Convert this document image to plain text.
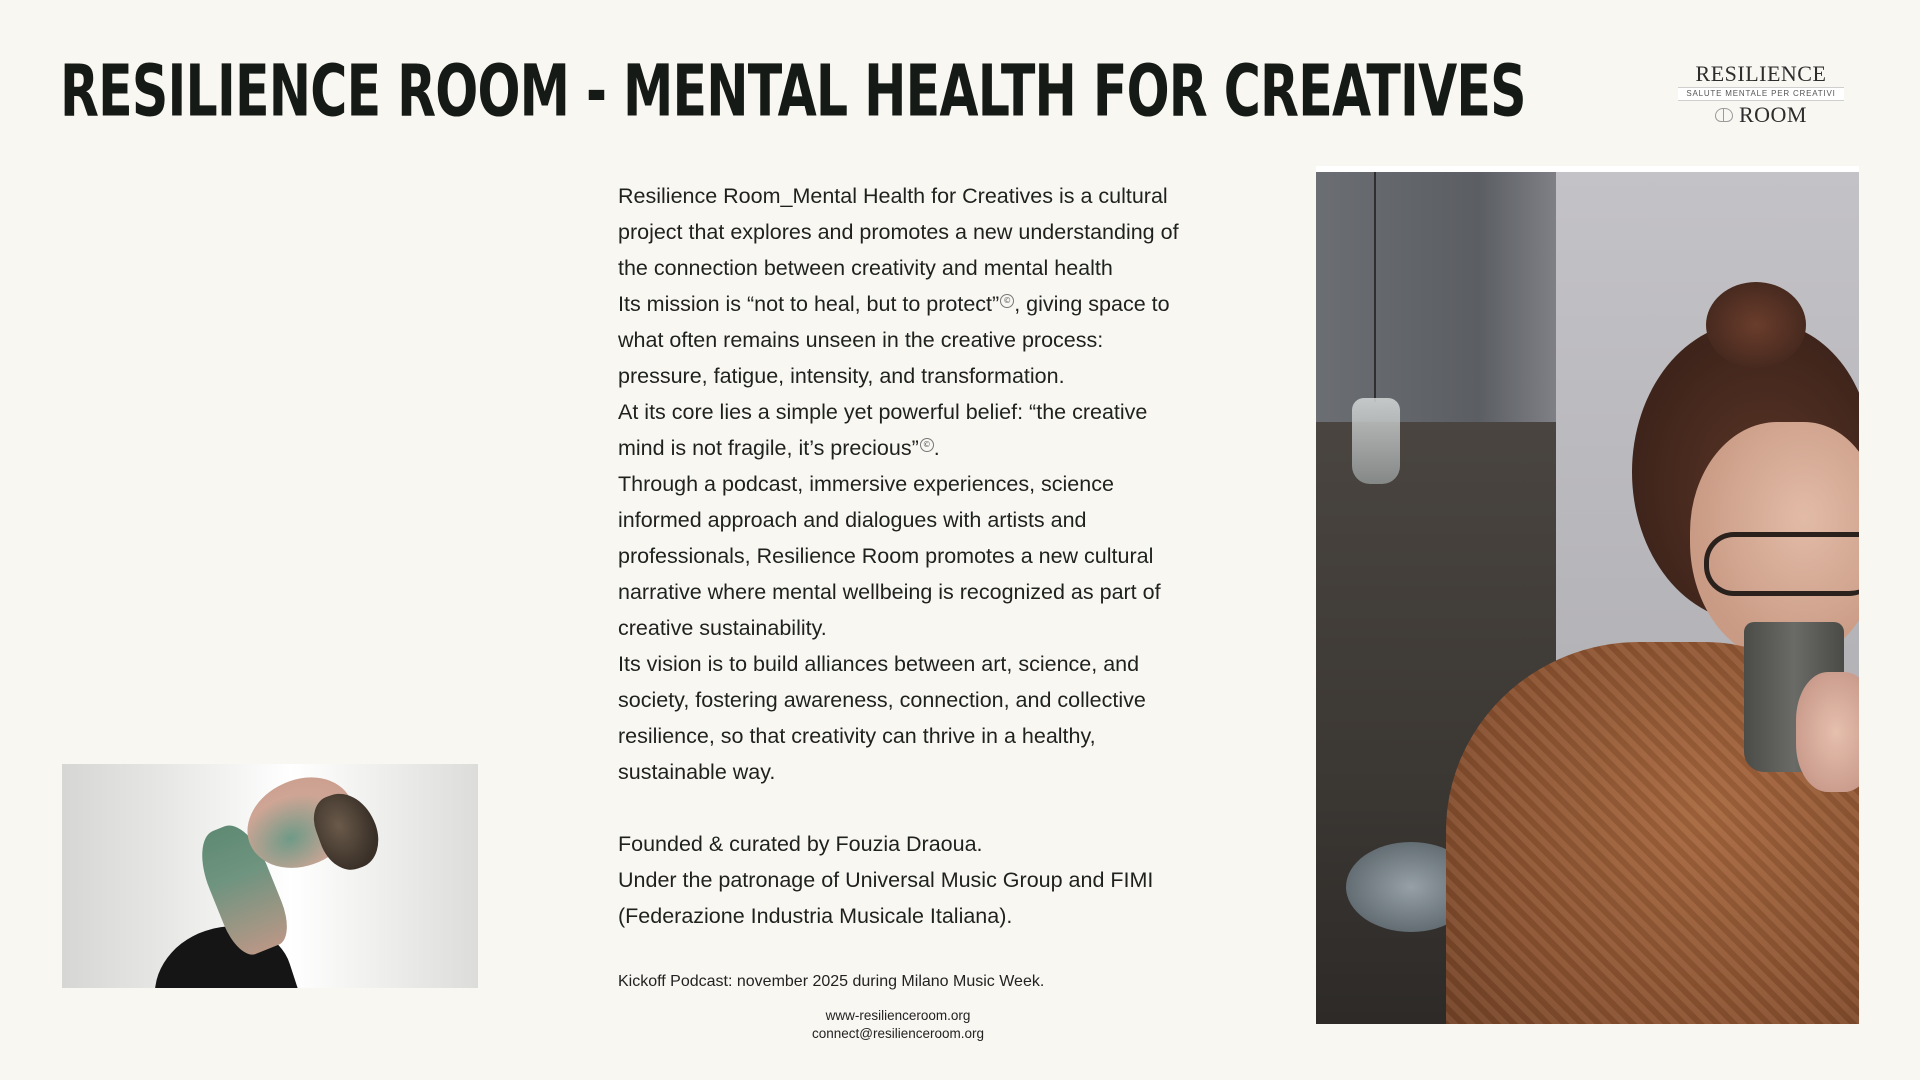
RESILIENCE ROOM - MENTAL HEALTH FOR CREATIVES	RESILIENCE
SALUTE MENTALE PER CREATIVI
ROOM

Resilience Room_Mental Health for Creatives is a cultural project that explores and promotes a new understanding of the connection between creativity and mental health

Its mission is “not to heal, but to protect” © , giving space to what often remains unseen in the creative process: pressure, fatigue, intensity, and transformation.

At its core lies a simple yet powerful belief: “the creative mind is not fragile, it’s precious” © .

Through a podcast, immersive experiences, science informed approach and dialogues with artists and professionals, Resilience Room promotes a new cultural narrative where mental wellbeing is recognized as part of creative sustainability.

Its vision is to build alliances between art, science, and society, fostering awareness, connection, and collective resilience, so that creativity can thrive in a healthy, sustainable way.

Founded & curated by Fouzia Draoua.

Under the patronage of Universal Music Group and FIMI (Federazione Industria Musicale Italiana).

Kickoff Podcast: november 2025 during Milano Music Week.
www-resilienceroom.org
connect@resilienceroom.org
